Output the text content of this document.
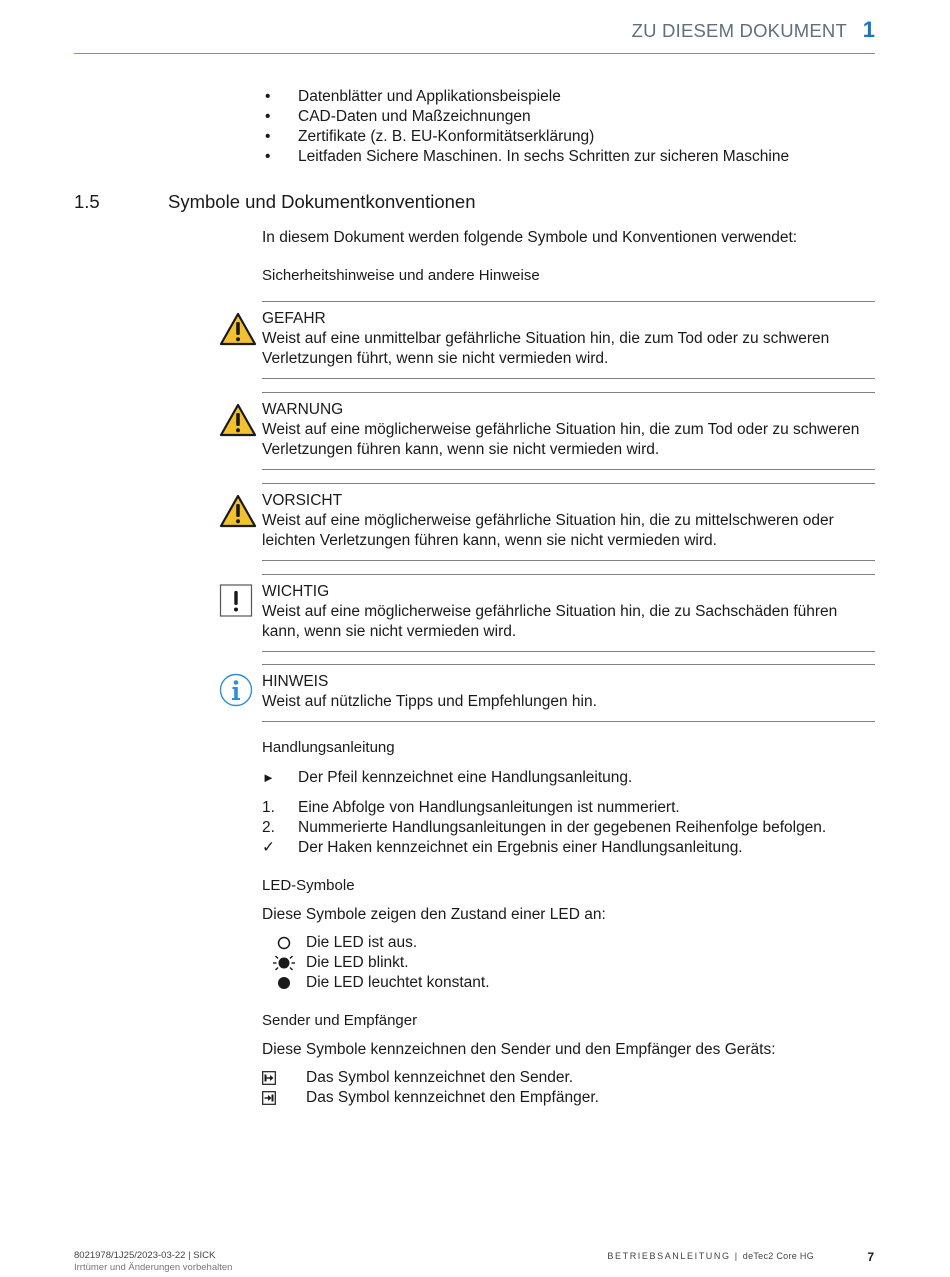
ZU DIESEM DOKUMENT 1
• Datenblätter und Applikationsbeispiele
• CAD-Daten und Maßzeichnungen
• Zertifikate (z. B. EU-Konformitätserklärung)
• Leitfaden Sichere Maschinen. In sechs Schritten zur sicheren Maschine
1.5	Symbole und Dokumentkonventionen
In diesem Dokument werden folgende Symbole und Konventionen verwendet:
Sicherheitshinweise und andere Hinweise
GEFAHR
Weist auf eine unmittelbar gefährliche Situation hin, die zum Tod oder zu schweren Verletzungen führt, wenn sie nicht vermieden wird.
WARNUNG
Weist auf eine möglicherweise gefährliche Situation hin, die zum Tod oder zu schweren Verletzungen führen kann, wenn sie nicht vermieden wird.
VORSICHT
Weist auf eine möglicherweise gefährliche Situation hin, die zu mittelschweren oder leichten Verletzungen führen kann, wenn sie nicht vermieden wird.
WICHTIG
Weist auf eine möglicherweise gefährliche Situation hin, die zu Sachschäden führen kann, wenn sie nicht vermieden wird.
HINWEIS
Weist auf nützliche Tipps und Empfehlungen hin.
Handlungsanleitung
► Der Pfeil kennzeichnet eine Handlungsanleitung.
1. Eine Abfolge von Handlungsanleitungen ist nummeriert.
2. Nummerierte Handlungsanleitungen in der gegebenen Reihenfolge befolgen.
✓ Der Haken kennzeichnet ein Ergebnis einer Handlungsanleitung.
LED-Symbole
Diese Symbole zeigen den Zustand einer LED an:
Die LED ist aus.
Die LED blinkt.
Die LED leuchtet konstant.
Sender und Empfänger
Diese Symbole kennzeichnen den Sender und den Empfänger des Geräts:
Das Symbol kennzeichnet den Sender.
Das Symbol kennzeichnet den Empfänger.
8021978/1J25/2023-03-22 | SICK
Irrtümer und Änderungen vorbehalten
BETRIEBSANLEITUNG | deTec2 Core HG	7
